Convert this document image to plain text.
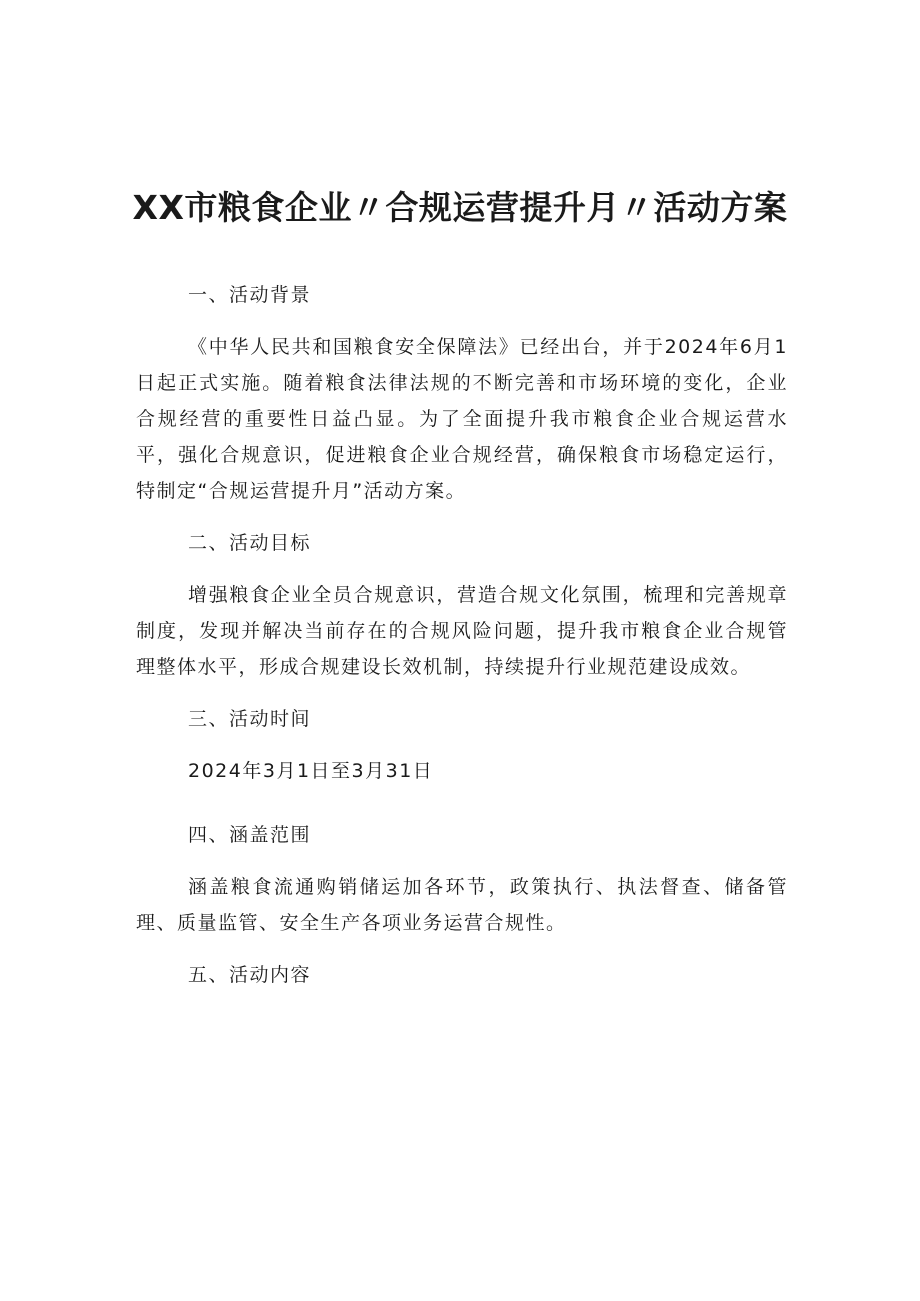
XX市粮食企业〃合规运营提升月〃活动方案
一、活动背景
《中华人民共和国粮食安全保障法》已经出台，并于2024年6月1日起正式实施。随着粮食法律法规的不断完善和市场环境的变化，企业合规经营的重要性日益凸显。为了全面提升我市粮食企业合规运营水平，强化合规意识，促进粮食企业合规经营，确保粮食市场稳定运行，特制定“合规运营提升月”活动方案。
二、活动目标
增强粮食企业全员合规意识，营造合规文化氛围，梳理和完善规章制度，发现并解决当前存在的合规风险问题，提升我市粮食企业合规管理整体水平，形成合规建设长效机制，持续提升行业规范建设成效。
三、活动时间
2024年3月1日至3月31日
四、涵盖范围
涵盖粮食流通购销储运加各环节，政策执行、执法督查、储备管理、质量监管、安全生产各项业务运营合规性。
五、活动内容
